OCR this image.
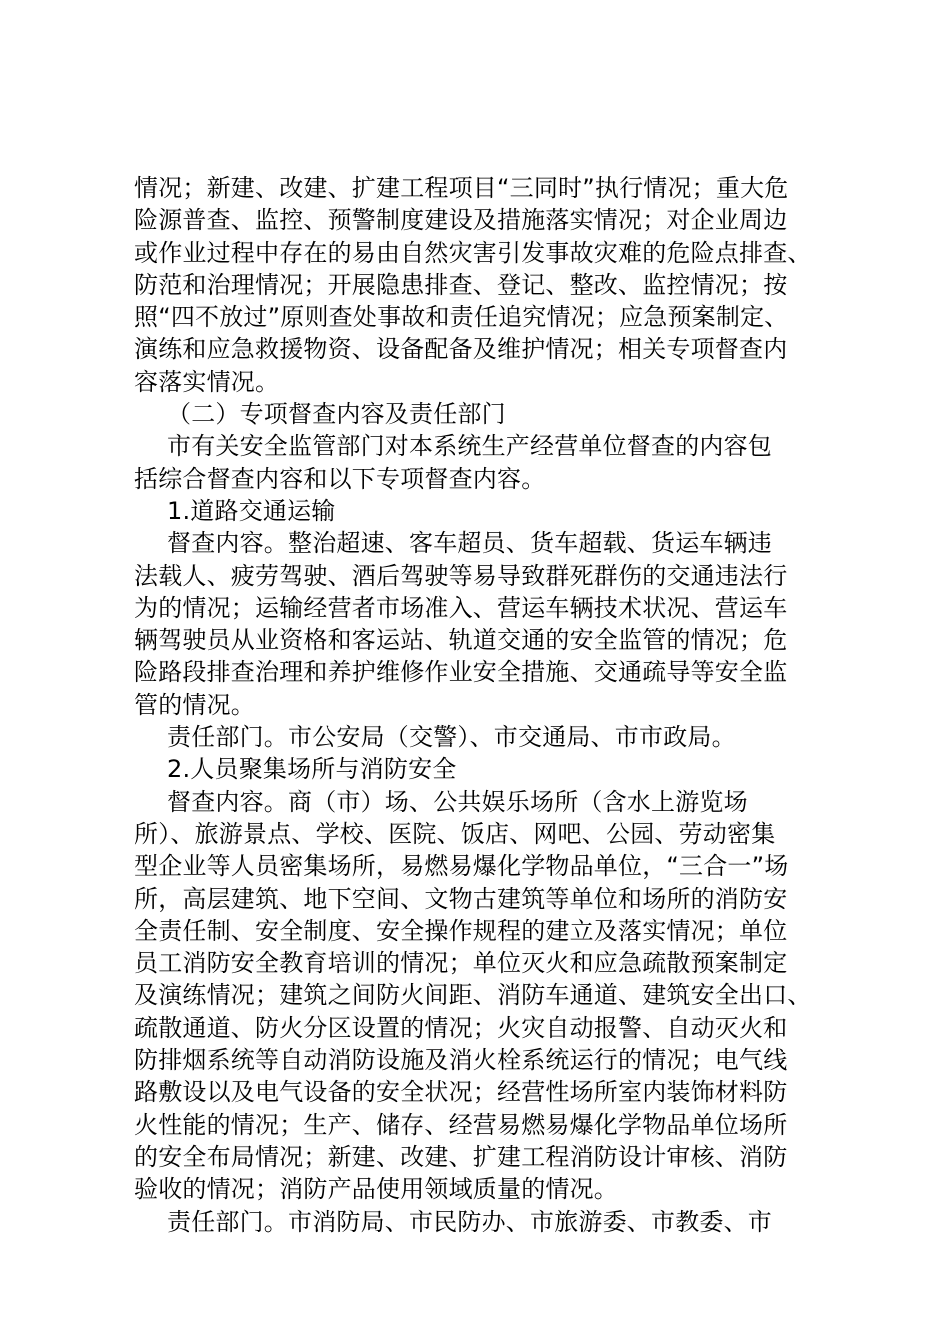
情况；新建、改建、扩建工程项目“三同时”执行情况；重大危
险源普查、监控、预警制度建设及措施落实情况；对企业周边
或作业过程中存在的易由自然灾害引发事故灾难的危险点排查、
防范和治理情况；开展隐患排查、登记、整改、监控情况；按
照“四不放过”原则查处事故和责任追究情况；应急预案制定、
演练和应急救援物资、设备配备及维护情况；相关专项督查内
容落实情况。
（二）专项督查内容及责任部门
市有关安全监管部门对本系统生产经营单位督查的内容包
括综合督查内容和以下专项督查内容。
1.道路交通运输
督查内容。整治超速、客车超员、货车超载、货运车辆违
法载人、疲劳驾驶、酒后驾驶等易导致群死群伤的交通违法行
为的情况；运输经营者市场准入、营运车辆技术状况、营运车
辆驾驶员从业资格和客运站、轨道交通的安全监管的情况；危
险路段排查治理和养护维修作业安全措施、交通疏导等安全监
管的情况。
责任部门。市公安局（交警）、市交通局、市市政局。
2.人员聚集场所与消防安全
督查内容。商（市）场、公共娱乐场所（含水上游览场
所）、旅游景点、学校、医院、饭店、网吧、公园、劳动密集
型企业等人员密集场所，易燃易爆化学物品单位，“三合一”场
所，高层建筑、地下空间、文物古建筑等单位和场所的消防安
全责任制、安全制度、安全操作规程的建立及落实情况；单位
员工消防安全教育培训的情况；单位灭火和应急疏散预案制定
及演练情况；建筑之间防火间距、消防车通道、建筑安全出口、
疏散通道、防火分区设置的情况；火灾自动报警、自动灭火和
防排烟系统等自动消防设施及消火栓系统运行的情况；电气线
路敷设以及电气设备的安全状况；经营性场所室内装饰材料防
火性能的情况；生产、储存、经营易燃易爆化学物品单位场所
的安全布局情况；新建、改建、扩建工程消防设计审核、消防
验收的情况；消防产品使用领域质量的情况。
责任部门。市消防局、市民防办、市旅游委、市教委、市
